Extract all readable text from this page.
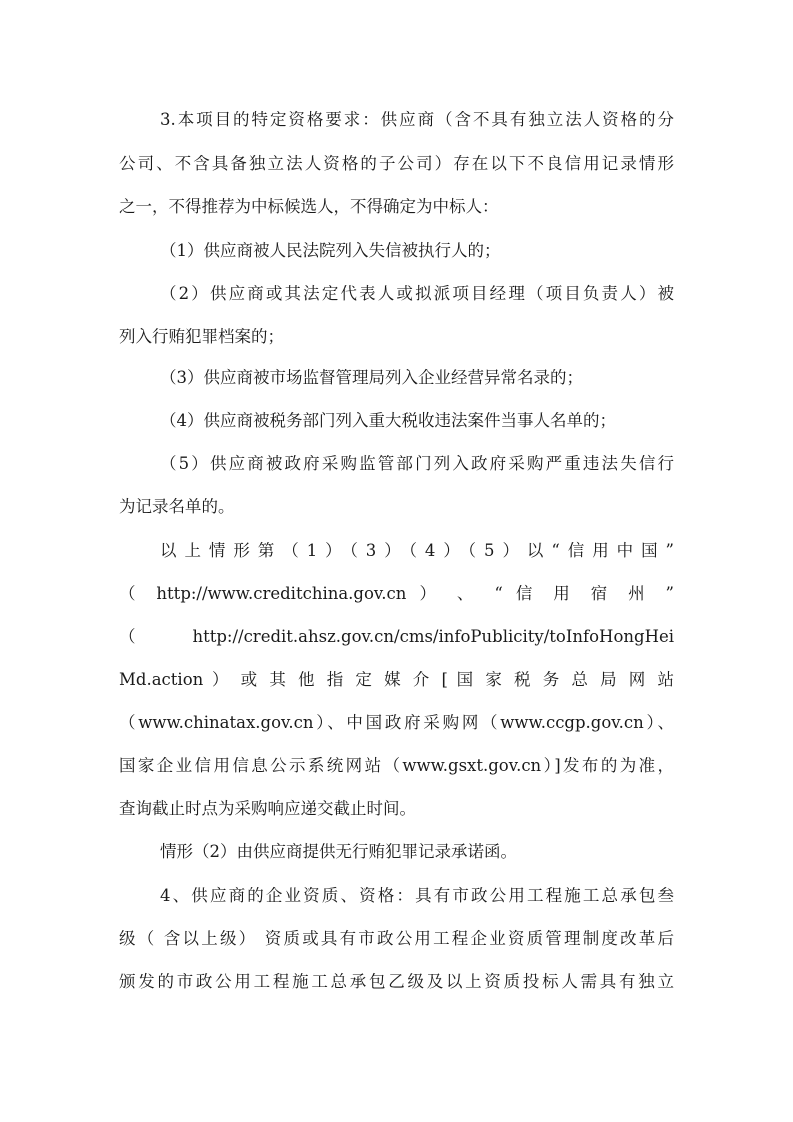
3.本项目的特定资格要求：供应商（含不具有独立法人资格的分

公司、不含具备独立法人资格的子公司）存在以下不良信用记录情形

之一，不得推荐为中标候选人，不得确定为中标人：

（1）供应商被人民法院列入失信被执行人的；

（2）供应商或其法定代表人或拟派项目经理（项目负责人）被

列入行贿犯罪档案的；

（3）供应商被市场监督管理局列入企业经营异常名录的；

（4）供应商被税务部门列入重大税收违法案件当事人名单的；

（5）供应商被政府采购监管部门列入政府采购严重违法失信行

为记录名单的。

以上情形第（1）（3）（4）（5）以“信用中国”

（ http://www.creditchina.gov.cn ） 、 “ 信 用 宿 州 ”

（http://credit.ahsz.gov.cn/cms/infoPublicity/toInfoHongHei

Md.action ） 或 其 他 指 定 媒 介 [ 国 家 税 务 总 局 网 站

（www.chinatax.gov.cn）、中国政府采购网（www.ccgp.gov.cn）、

国家企业信用信息公示系统网站（www.gsxt.gov.cn）]发布的为准，

查询截止时点为采购响应递交截止时间。

情形（2）由供应商提供无行贿犯罪记录承诺函。

4、供应商的企业资质、资格：具有市政公用工程施工总承包叁

级（ 含以上级） 资质或具有市政公用工程企业资质管理制度改革后

颁发的市政公用工程施工总承包乙级及以上资质投标人需具有独立
